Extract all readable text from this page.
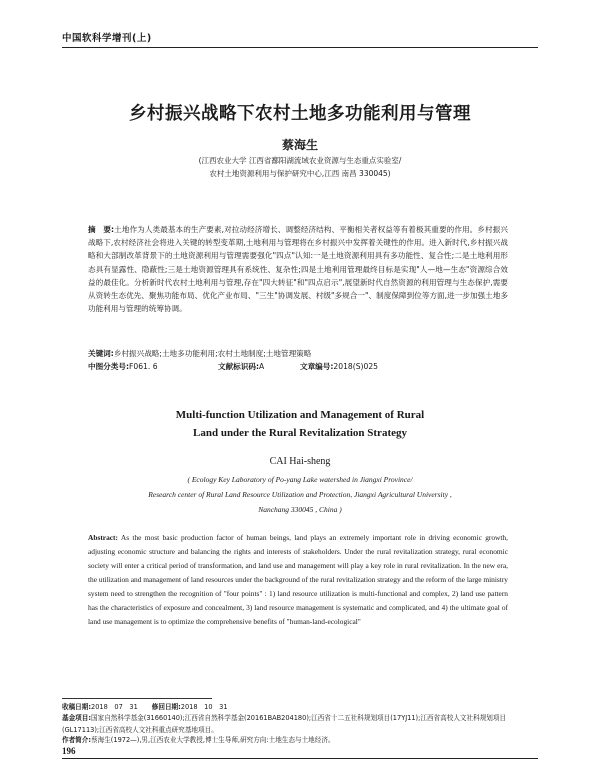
中国软科学增刊(上)
乡村振兴战略下农村土地多功能利用与管理
蔡海生
(江西农业大学 江西省鄱阳湖流域农业资源与生态重点实验室/
农村土地资源利用与保护研究中心,江西 南昌 330045)
摘　要:土地作为人类最基本的生产要素,对拉动经济增长、调整经济结构、平衡相关者权益等有着极其重要的作用。乡村振兴战略下,农村经济社会将进入关键的转型变革期,土地利用与管理将在乡村振兴中发挥着关键性的作用。进入新时代,乡村振兴战略和大部制改革背景下的土地资源利用与管理需要强化"四点"认知:一是土地资源利用具有多功能性、复合性;二是土地利用形态具有显露性、隐蔽性;三是土地资源管理具有系统性、复杂性;四是土地利用管理最终目标是实现"人—地—生态"资源综合效益的最佳化。分析新时代农村土地利用与管理,存在"四大转征"和"四点启示",展望新时代自然资源的利用管理与生态保护,需要从资转生态优先、聚焦功能布局、优化产业布局、"三生"协调发展、村级"多规合一"、制度保障到位等方面,进一步加强土地多功能利用与管理的统筹协调。
关键词:乡村振兴战略;土地多功能利用;农村土地制度;土地管理策略
中图分类号:F061. 6	文献标识码:A	文章编号:2018(S)025
Multi-function Utilization and Management of Rural
Land under the Rural Revitalization Strategy
CAI Hai-sheng
( Ecology Key Laboratory of Po-yang Lake watershed in Jiangxi Province/
Research center of Rural Land Resource Utilization and Protection, Jiangxi Agricultural University ,
Nanchang 330045 , China )
Abstract: As the most basic production factor of human beings, land plays an extremely important role in driving economic growth, adjusting economic structure and balancing the rights and interests of stakeholders. Under the rural revitalization strategy, rural economic society will enter a critical period of transformation, and land use and management will play a key role in rural revitalization. In the new era, the utilization and management of land resources under the background of the rural revitalization strategy and the reform of the large ministry system need to strengthen the recognition of "four points" : 1) land resource utilization is multi-functional and complex, 2) land use pattern has the characteristics of exposure and concealment, 3) land resource management is systematic and complicated, and 4) the ultimate goal of land use management is to optimize the comprehensive benefits of "human-land-ecological"
收稿日期:2018　07　31 修回日期:2018　10　31
基金项目:国家自然科学基金(31660140);江西省自然科学基金(20161BAB204180);江西省十二五社科规划项目(17YJ11);江西省高校人文社科规划项目(GL17113);江西省高校人文社科重点研究基地项目。
作者简介:蔡海生(1972—),男,江西农业大学教授,博士生导师,研究方向:土地生态与土地经济。
196
